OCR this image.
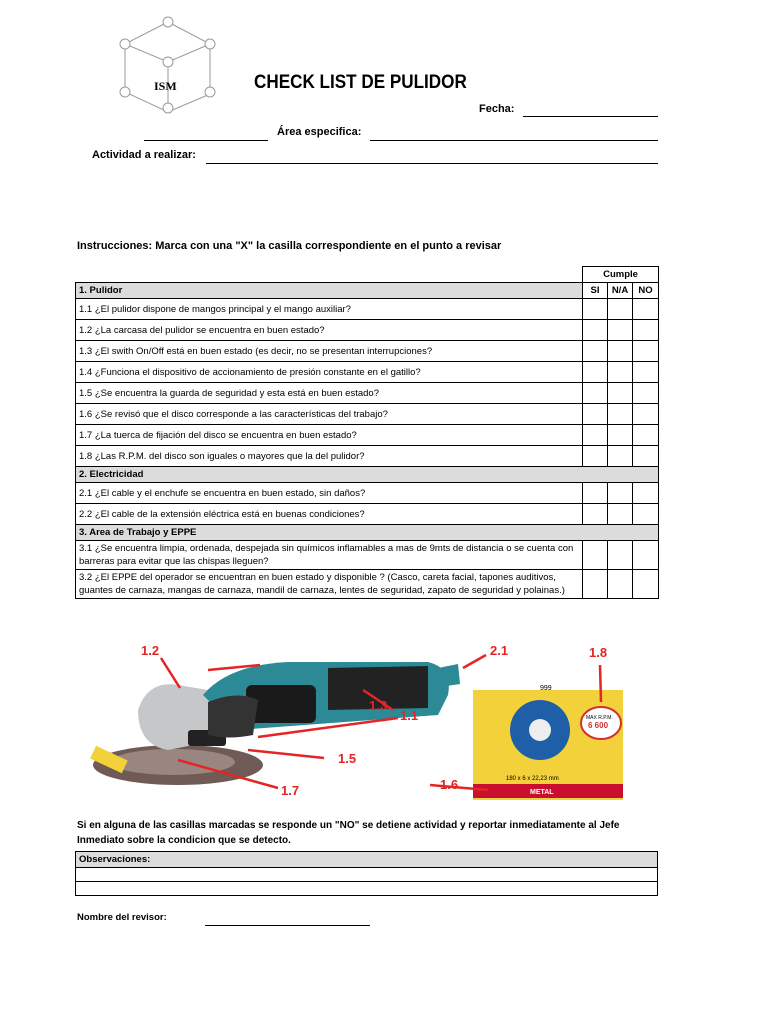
ISM	CHECK LIST DE PULIDOR
Fecha:
Área especifica:
Actividad a realizar:
Instrucciones: Marca con una "X" la casilla correspondiente en el punto a revisar
	Cumple		
1. Pulidor	SI	N/A	NO
1.1 ¿El pulidor dispone de mangos principal y el mango auxiliar?			
1.2 ¿La carcasa del pulidor se encuentra en buen estado?			
1.3 ¿El swith On/Off está en buen estado (es decir, no se presentan interrupciones?			
1.4 ¿Funciona el dispositivo de accionamiento de presión constante en el gatillo?			
1.5 ¿Se encuentra la guarda de seguridad y esta está en buen estado?			
1.6 ¿Se revisó que el disco corresponde a las características del trabajo?			
1.7 ¿La tuerca de fijación del disco se encuentra en buen estado?			
1.8 ¿Las R.P.M. del disco son iguales o mayores que la del pulidor?			
2. Electricidad			
2.1 ¿El cable y el enchufe se encuentra en buen estado, sin daños?			
2.2 ¿El cable de la extensión eléctrica está en buenas condiciones?			
3. Area de Trabajo y EPPE			
3.1 ¿Se encuentra limpia, ordenada, despejada sin químicos inflamables a mas de 9mts de distancia o se cuenta con barreras para evitar que las chispas lleguen?			
3.2 ¿El EPPE del operador se encuentran en buen estado y disponible ? (Casco, careta facial, tapones auditivos, guantes de carnaza, mangas de carnaza, mandil de carnaza, lentes de seguridad, zapato de seguridad y polainas.)			
999
MAX R.P.M.
6 600
180 x 6 x 22,23 mm
METAL
1.2	2.1	1.8
1.3
1.1
1.5
1.6
1.7
Si en alguna de las casillas marcadas se responde un "NO" se detiene actividad y reportar inmediatamente al Jefe Inmediato sobre la condicion que se detecto.
Observaciones:

Nombre del revisor:
